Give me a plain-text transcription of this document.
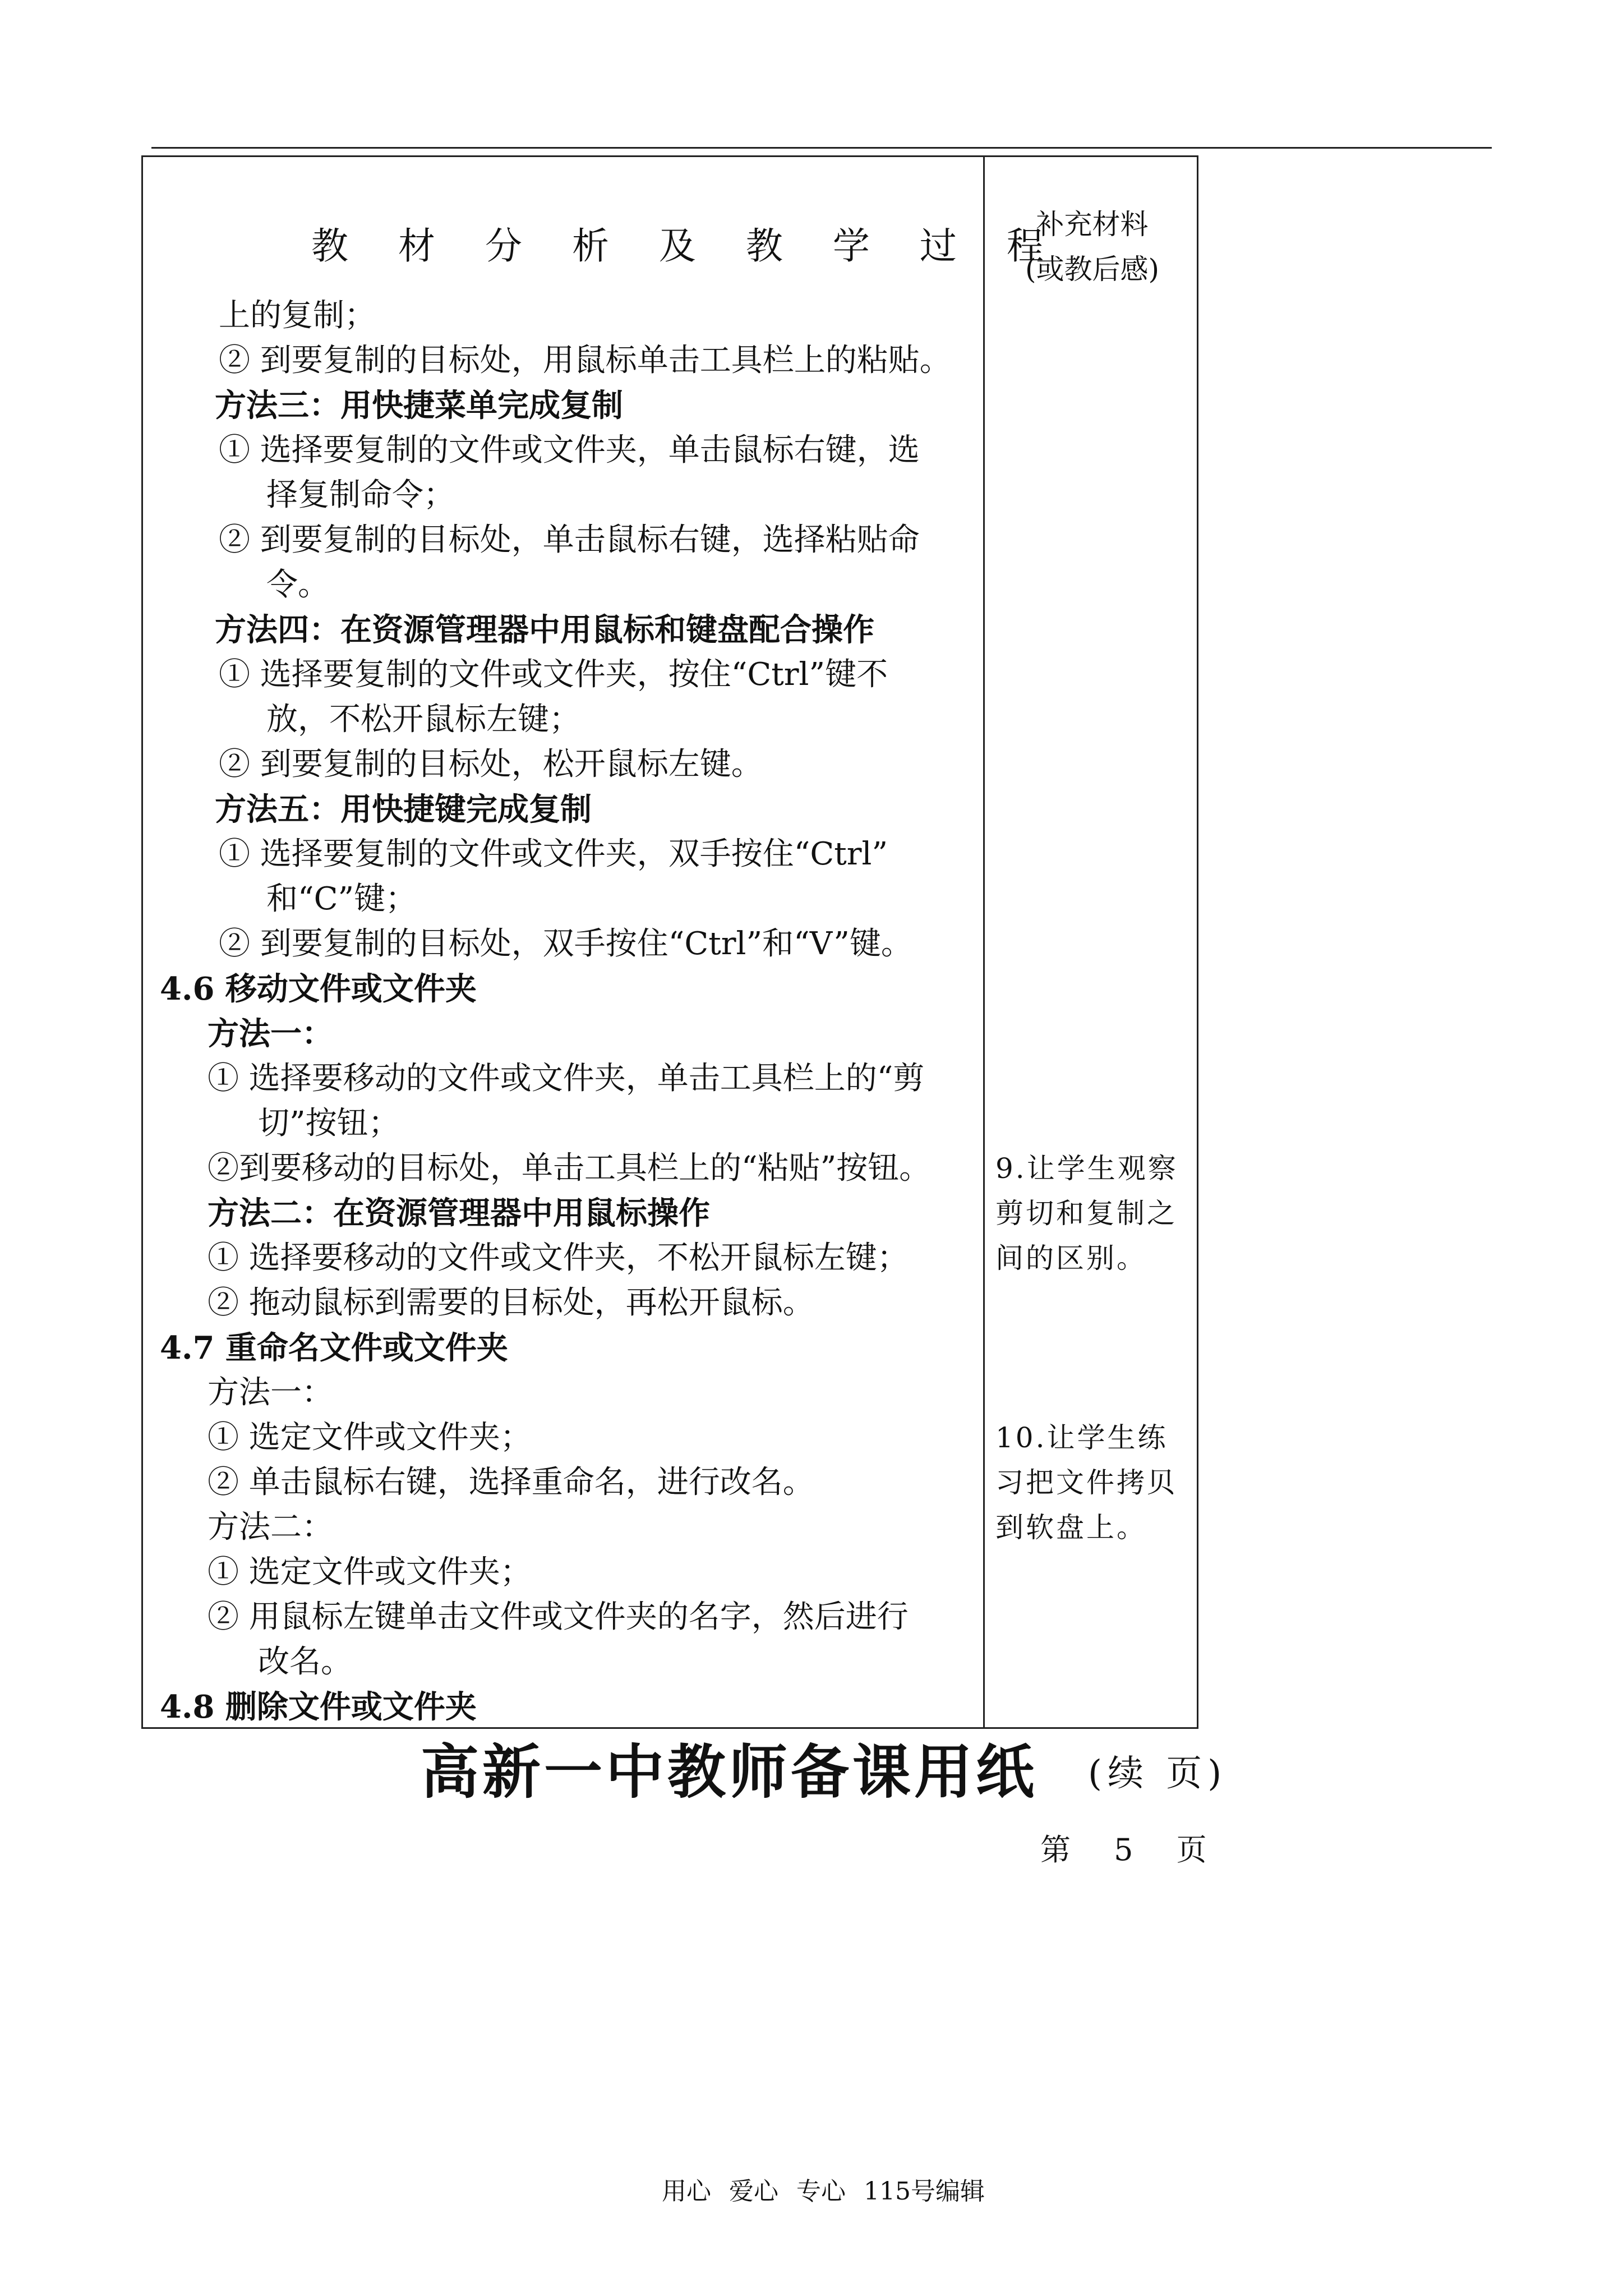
教 材 分 析 及 教 学 过 程
补充材料
(或教后感)
上的复制；
② 到要复制的目标处，用鼠标单击工具栏上的粘贴。
方法三：用快捷菜单完成复制
① 选择要复制的文件或文件夹，单击鼠标右键，选
择复制命令；
② 到要复制的目标处，单击鼠标右键，选择粘贴命
令。
方法四：在资源管理器中用鼠标和键盘配合操作
① 选择要复制的文件或文件夹，按住“Ctrl”键不
放，不松开鼠标左键；
② 到要复制的目标处，松开鼠标左键。
方法五：用快捷键完成复制
① 选择要复制的文件或文件夹，双手按住“Ctrl”
和“C”键；
② 到要复制的目标处，双手按住“Ctrl”和“V”键。
4.6 移动文件或文件夹
方法一：
① 选择要移动的文件或文件夹，单击工具栏上的“剪
切”按钮；
②到要移动的目标处，单击工具栏上的“粘贴”按钮。
方法二：在资源管理器中用鼠标操作
① 选择要移动的文件或文件夹，不松开鼠标左键；
② 拖动鼠标到需要的目标处，再松开鼠标。
4.7 重命名文件或文件夹
方法一：
① 选定文件或文件夹；
② 单击鼠标右键，选择重命名，进行改名。
方法二：
① 选定文件或文件夹；
② 用鼠标左键单击文件或文件夹的名字，然后进行
改名。
4.8 删除文件或文件夹
9.让学生观察
剪切和复制之
间的区别。
10.让学生练
习把文件拷贝
到软盘上。
高新一中教师备课用纸 (续 页)
第 5 页
用心 爱心 专心 115号编辑
